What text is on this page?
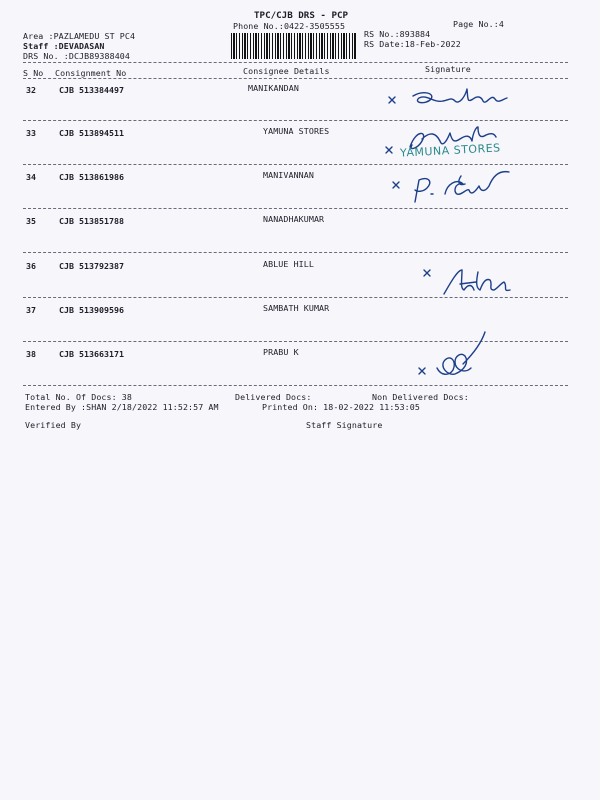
TPC/CJB DRS - PCP
Phone No.:0422-3505555	Page No.:4
Area :PAZLAMEDU ST PC4
Staff :DEVADASAN
DRS No. :DCJB89388404
RS No.:893884
RS Date:18-Feb-2022
S No Consignment No	Consignee Details	Signature
32	CJB 513384497	MANIKANDAN
33	CJB 513894511	YAMUNA STORES
34	CJB 513861986	MANIVANNAN
35	CJB 513851788	NANADHAKUMAR
36	CJB 513792387	ABLUE HILL
37	CJB 513909596	SAMBATH KUMAR
38	CJB 513663171	PRABU K
YAMUNA STORES
Total No. Of Docs: 38	Delivered Docs:	Non Delivered Docs:
Entered By :SHAN 2/18/2022 11:52:57 AM	Printed On: 18-02-2022 11:53:05
Verified By	Staff Signature
